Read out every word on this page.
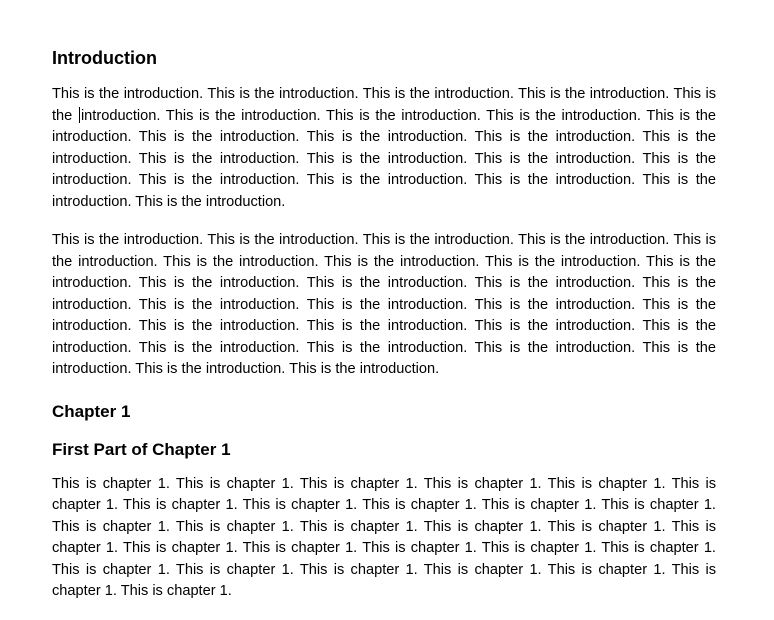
Introduction

This is the introduction. This is the introduction. This is the introduction. This is the introduction. This is the introduction. This is the introduction. This is the introduction. This is the introduction. This is the introduction. This is the introduction. This is the introduction. This is the introduction. This is the introduction. This is the introduction. This is the introduction. This is the introduction. This is the introduction. This is the introduction. This is the introduction. This is the introduction. This is the introduction. This is the introduction.

This is the introduction. This is the introduction. This is the introduction. This is the introduction. This is the introduction. This is the introduction. This is the introduction. This is the introduction. This is the introduction. This is the introduction. This is the introduction. This is the introduction. This is the introduction. This is the introduction. This is the introduction. This is the introduction. This is the introduction. This is the introduction. This is the introduction. This is the introduction. This is the introduction. This is the introduction. This is the introduction. This is the introduction. This is the introduction. This is the introduction. This is the introduction.

Chapter 1
First Part of Chapter 1

This is chapter 1. This is chapter 1. This is chapter 1. This is chapter 1. This is chapter 1. This is chapter 1. This is chapter 1. This is chapter 1. This is chapter 1. This is chapter 1. This is chapter 1. This is chapter 1. This is chapter 1. This is chapter 1. This is chapter 1. This is chapter 1. This is chapter 1. This is chapter 1. This is chapter 1. This is chapter 1. This is chapter 1. This is chapter 1. This is chapter 1. This is chapter 1. This is chapter 1. This is chapter 1. This is chapter 1. This is chapter 1. This is chapter 1.
